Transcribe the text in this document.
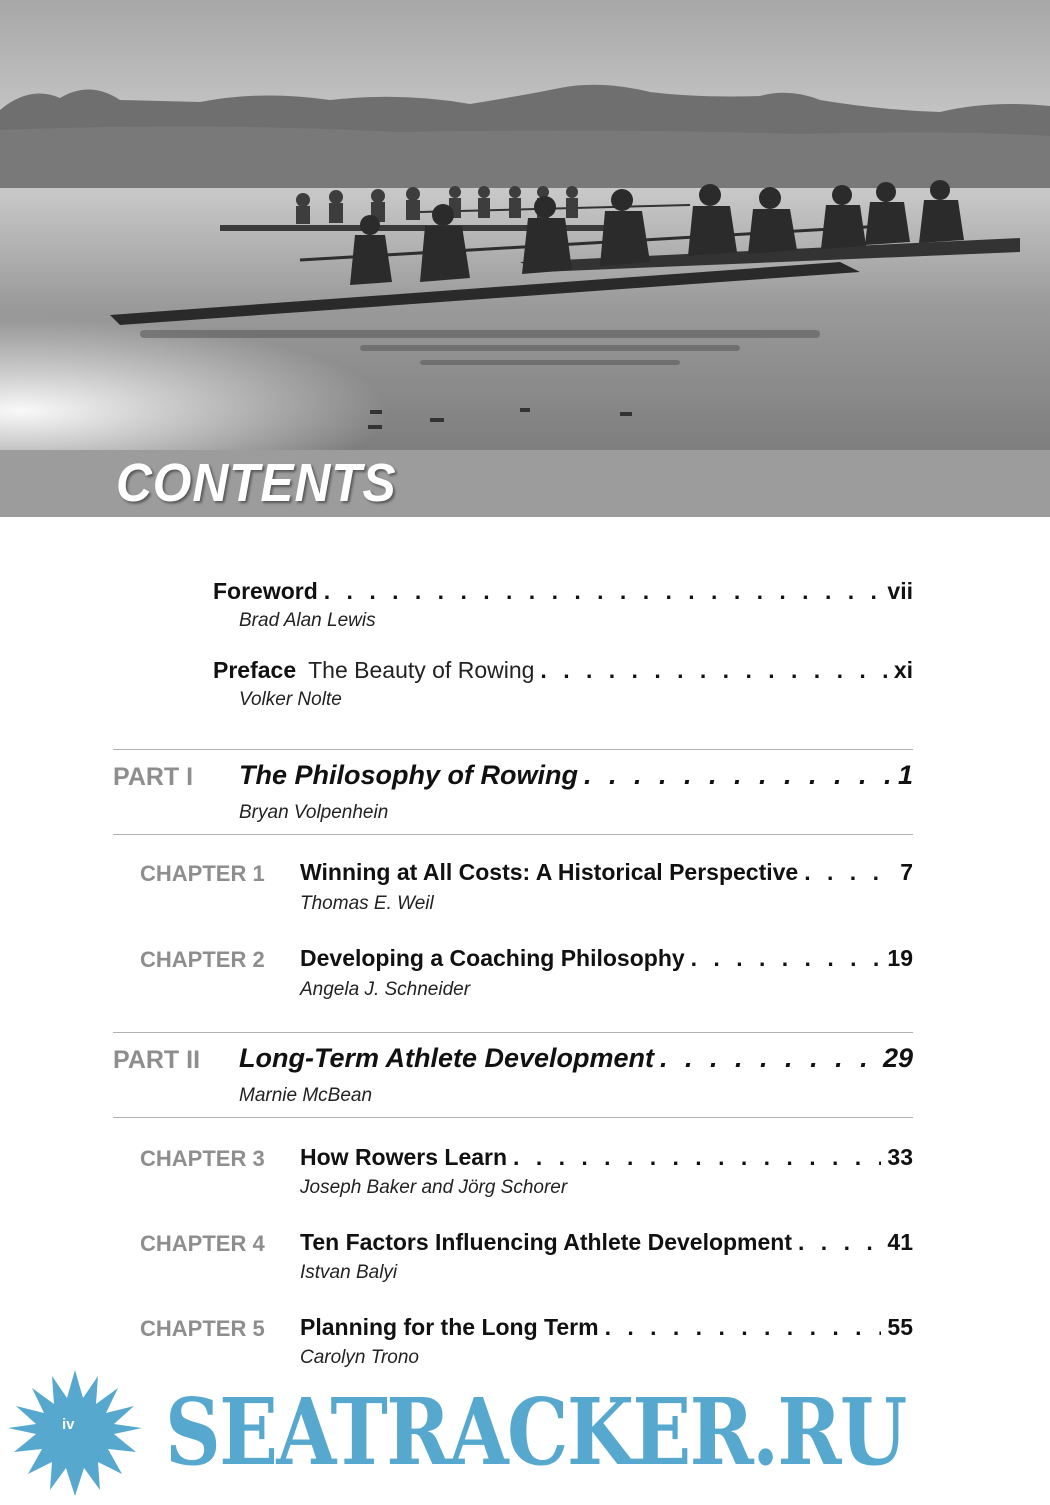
CONTENTS
Foreword . . .	vii
Brad Alan Lewis
Preface The Beauty of Rowing . . .	xi
Volker Nolte
PART I The Philosophy of Rowing . . .	1
Bryan Volpenhein
CHAPTER 1 Winning at All Costs: A Historical Perspective . . .	7
Thomas E. Weil
CHAPTER 2 Developing a Coaching Philosophy . . .	19
Angela J. Schneider
PART II Long-Term Athlete Development . . .	29
Marnie McBean
CHAPTER 3 How Rowers Learn . . .	33
Joseph Baker and Jörg Schorer
CHAPTER 4 Ten Factors Influencing Athlete Development . . .	41
Istvan Balyi
CHAPTER 5 Planning for the Long Term . . .	55
Carolyn Trono
iv SEATRACKER.RU
